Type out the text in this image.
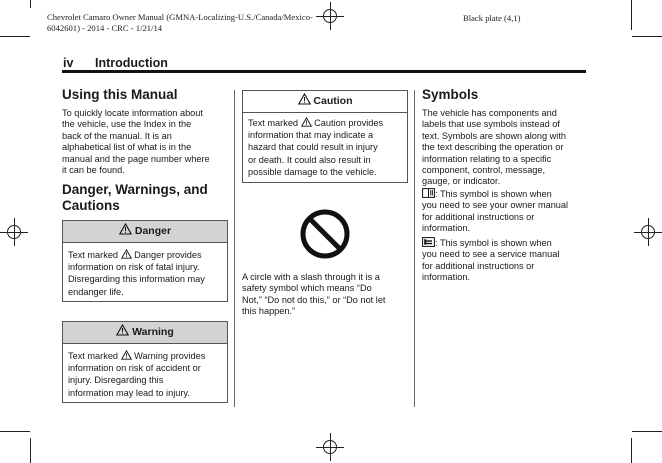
Chevrolet Camaro Owner Manual (GMNA-Localizing-U.S./Canada/Mexico-
6042601) - 2014 - CRC - 1/21/14
Black plate (4,1)
iv Introduction
Using this Manual
To quickly locate information about
the vehicle, use the Index in the
back of the manual. It is an
alphabetical list of what is in the
manual and the page number where
it can be found.
Danger, Warnings, and
Cautions
Danger
Text marked Danger provides
information on risk of fatal injury.
Disregarding this information may
endanger life.
Warning
Text marked Warning provides
information on risk of accident or
injury. Disregarding this
information may lead to injury.
Caution
Text marked Caution provides
information that may indicate a
hazard that could result in injury
or death. It could also result in
possible damage to the vehicle.
A circle with a slash through it is a
safety symbol which means “Do
Not,” “Do not do this,” or “Do not let
this happen.”
Symbols
The vehicle has components and
labels that use symbols instead of
text. Symbols are shown along with
the text describing the operation or
information relating to a specific
component, control, message,
gauge, or indicator.
: This symbol is shown when
you need to see your owner manual
for additional instructions or
information.
: This symbol is shown when
you need to see a service manual
for additional instructions or
information.
